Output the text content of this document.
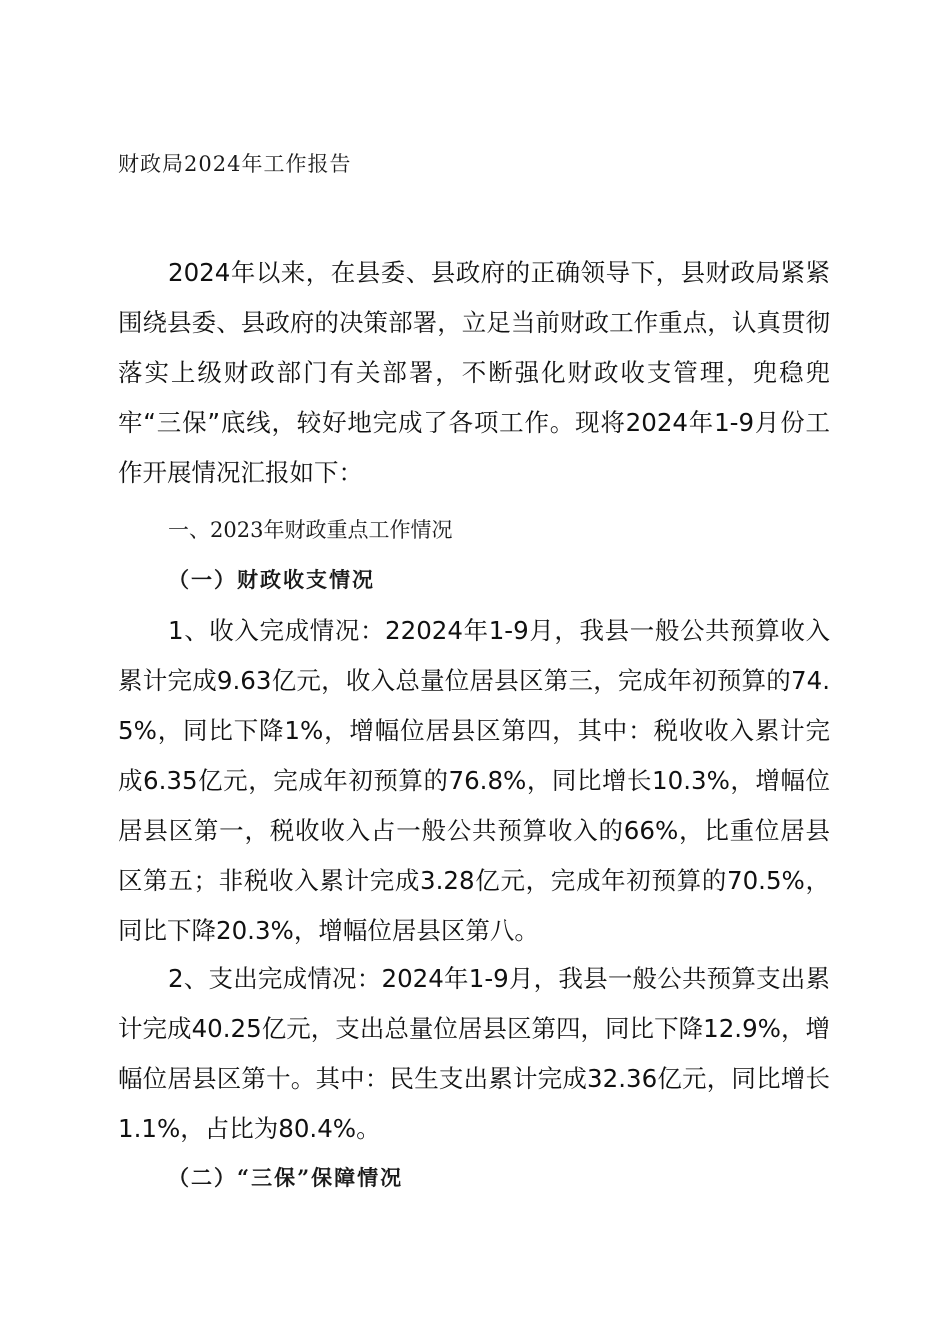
财政局2024年工作报告

2024年以来，在县委、县政府的正确领导下，县财政局紧紧围绕县委、县政府的决策部署，立足当前财政工作重点，认真贯彻落实上级财政部门有关部署，不断强化财政收支管理，兜稳兜牢“三保”底线，较好地完成了各项工作。现将2024年1-9月份工作开展情况汇报如下：

一、2023年财政重点工作情况
（一）财政收支情况

1、收入完成情况：22024年1-9月，我县一般公共预算收入累计完成9.63亿元，收入总量位居县区第三，完成年初预算的74.5%，同比下降1%，增幅位居县区第四，其中：税收收入累计完成6.35亿元，完成年初预算的76.8%，同比增长10.3%，增幅位居县区第一，税收收入占一般公共预算收入的66%，比重位居县区第五；非税收入累计完成3.28亿元，完成年初预算的70.5%，同比下降20.3%，增幅位居县区第八。

2、支出完成情况：2024年1-9月，我县一般公共预算支出累计完成40.25亿元，支出总量位居县区第四，同比下降12.9%，增幅位居县区第十。其中：民生支出累计完成32.36亿元，同比增长1.1%，占比为80.4%。

（二）“三保”保障情况
